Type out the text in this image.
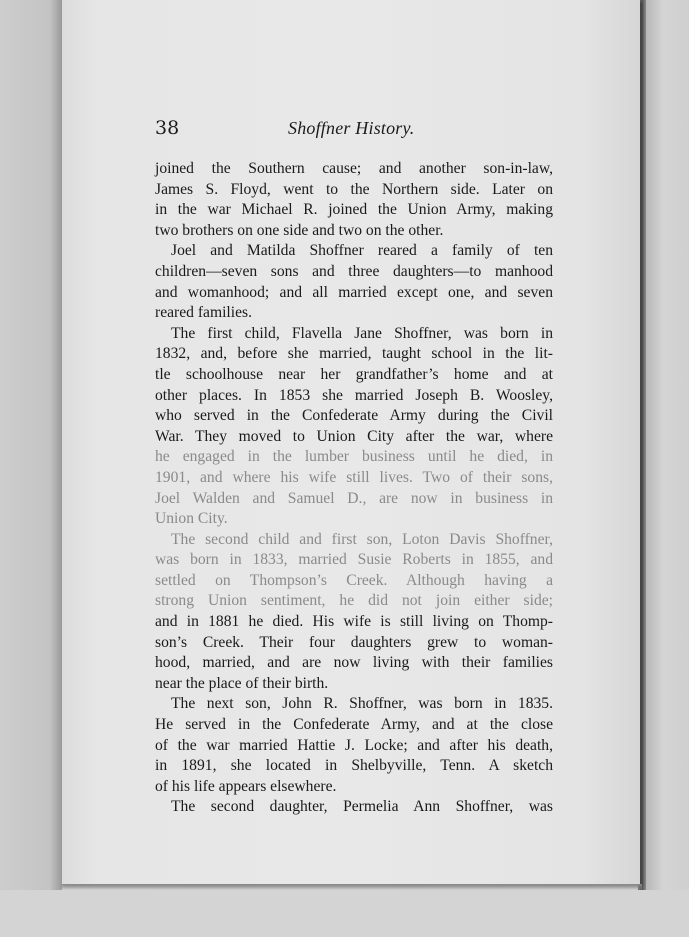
38	Shoffner History.
joined the Southern cause; and another son-in-law,
James S. Floyd, went to the Northern side. Later on
in the war Michael R. joined the Union Army, making
two brothers on one side and two on the other.
Joel and Matilda Shoffner reared a family of ten
children—seven sons and three daughters—to manhood
and womanhood; and all married except one, and seven
reared families.
The first child, Flavella Jane Shoffner, was born in
1832, and, before she married, taught school in the lit-
tle schoolhouse near her grandfather’s home and at
other places. In 1853 she married Joseph B. Woosley,
who served in the Confederate Army during the Civil
War. They moved to Union City after the war, where
he engaged in the lumber business until he died, in
1901, and where his wife still lives. Two of their sons,
Joel Walden and Samuel D., are now in business in
Union City.
The second child and first son, Loton Davis Shoffner,
was born in 1833, married Susie Roberts in 1855, and
settled on Thompson’s Creek. Although having a
strong Union sentiment, he did not join either side;
and in 1881 he died. His wife is still living on Thomp-
son’s Creek. Their four daughters grew to woman-
hood, married, and are now living with their families
near the place of their birth.
The next son, John R. Shoffner, was born in 1835.
He served in the Confederate Army, and at the close
of the war married Hattie J. Locke; and after his death,
in 1891, she located in Shelbyville, Tenn. A sketch
of his life appears elsewhere.
The second daughter, Permelia Ann Shoffner, was
